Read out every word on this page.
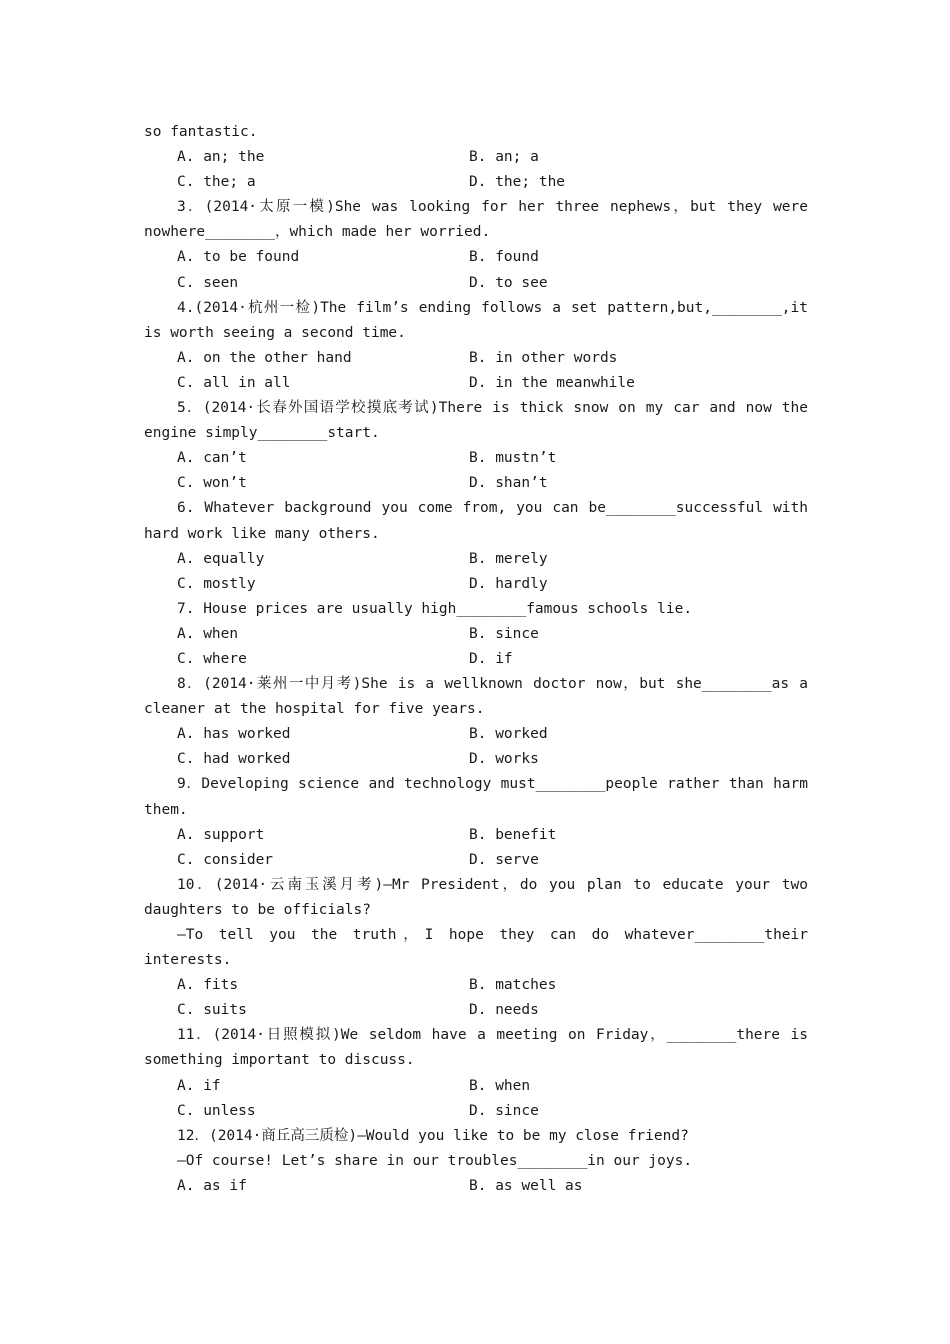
so fantastic.
A. an; the	B. an; a
C. the; a	D. the; the
3．(2014·太原一模)She was looking for her three nephews，but they were
nowhere________，which made her worried.
A. to be found	B. found
C. seen	D. to see
4.(2014·杭州一检)The film’s ending follows a set pattern,but,________,it
is worth seeing a second time.
A. on the other hand	B. in other words
C. all in all	D. in the meanwhile
5．(2014·长春外国语学校摸底考试)There is thick snow on my car and now the
engine simply________start.
A. can’t	B. mustn’t
C. won’t	D. shan’t
6. Whatever background you come from, you can be________successful with
hard work like many others.
A. equally	B. merely
C. mostly	D. hardly
7. House prices are usually high________famous schools lie.
A. when	B. since
C. where	D. if
8．(2014·莱州一中月考)She is a wellknown doctor now，but she________as a
cleaner at the hospital for five years.
A. has worked	B. worked
C. had worked	D. works
9．Developing science and technology must________people rather than harm
them.
A. support	B. benefit
C. consider	D. serve
10．(2014·云南玉溪月考)—Mr President，do you plan to educate your two
daughters to be officials?
—To tell you the truth，I hope they can do whatever________their
interests.
A. fits	B. matches
C. suits	D. needs
11．(2014·日照模拟)We seldom have a meeting on Friday，________there is
something important to discuss.
A. if	B. when
C. unless	D. since
12．(2014·商丘高三质检)—Would you like to be my close friend?
—Of course! Let’s share in our troubles________in our joys.
A. as if	B. as well as
